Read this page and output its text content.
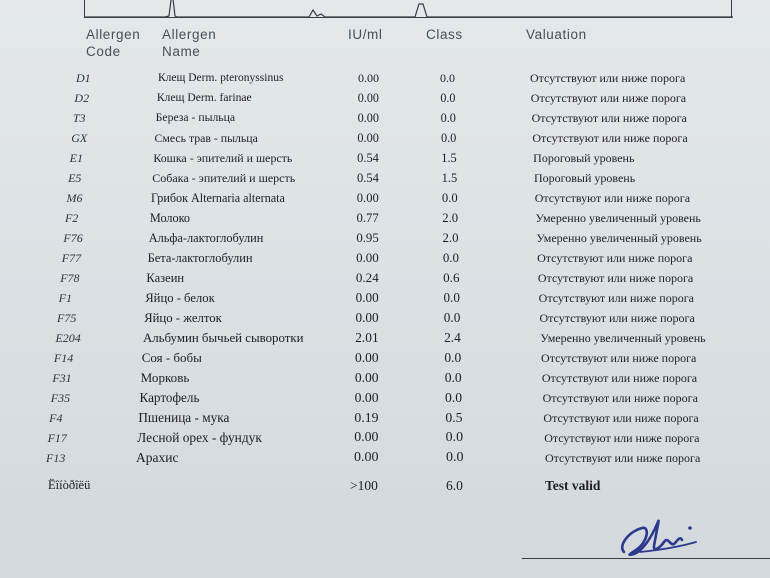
Allergen
Code
Allergen
Name
IU/ml	Class	Valuation
D1	Клещ Derm. pteronyssinus	0.00	0.0	Отсутствуют или ниже порога
D2	Клещ Derm. farinae	0.00	0.0	Отсутствуют или ниже порога
T3	Береза - пыльца	0.00	0.0	Отсутствуют или ниже порога
GX	Смесь трав - пыльца	0.00	0.0	Отсутствуют или ниже порога
E1	Кошка - эпителий и шерсть	0.54	1.5	Пороговый уровень
E5	Собака - эпителий и шерсть	0.54	1.5	Пороговый уровень
M6	Грибок Alternaria alternata	0.00	0.0	Отсутствуют или ниже порога
F2	Молоко	0.77	2.0	Умеренно увеличенный уровень
F76	Альфа-лактоглобулин	0.95	2.0	Умеренно увеличенный уровень
F77	Бета-лактоглобулин	0.00	0.0	Отсутствуют или ниже порога
F78	Казеин	0.24	0.6	Отсутствуют или ниже порога
F1	Яйцо - белок	0.00	0.0	Отсутствуют или ниже порога
F75	Яйцо - желток	0.00	0.0	Отсутствуют или ниже порога
E204	Альбумин бычьей сыворотки	2.01	2.4	Умеренно увеличенный уровень
F14	Соя - бобы	0.00	0.0	Отсутствуют или ниже порога
F31	Морковь	0.00	0.0	Отсутствуют или ниже порога
F35	Картофель	0.00	0.0	Отсутствуют или ниже порога
F4	Пшеница - мука	0.19	0.5	Отсутствуют или ниже порога
F17	Лесной орех - фундук	0.00	0.0	Отсутствуют или ниже порога
F13	Арахис	0.00	0.0	Отсутствуют или ниже порога
Ëîíòðîëü	>100	6.0	Test valid
